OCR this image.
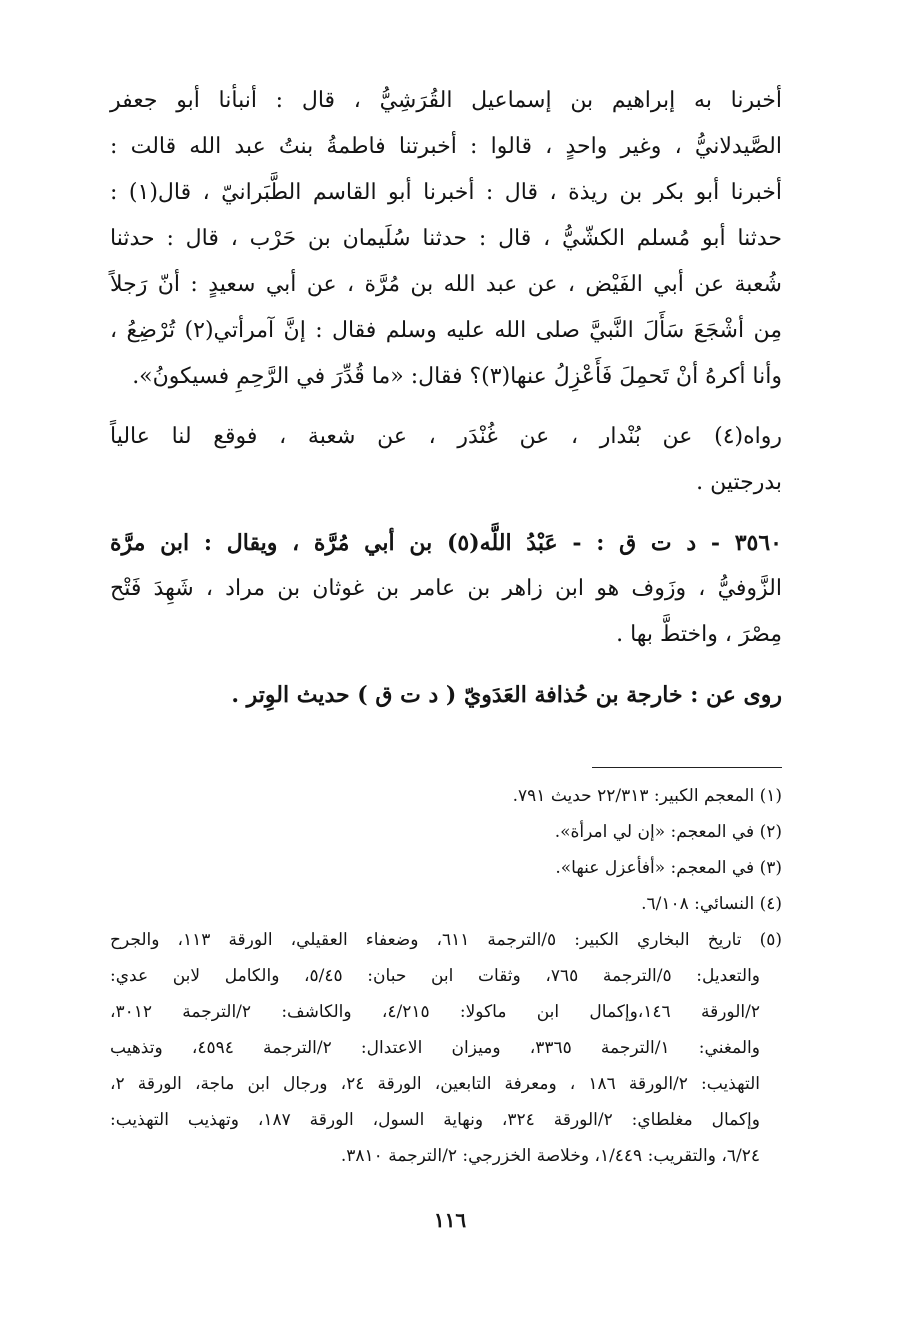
أخبرنا به إبراهيم بن إسماعيل القُرَشِيُّ ، قال : أنبأنا أبو جعفر
الصَّيدلانيُّ ، وغير واحدٍ ، قالوا : أخبرتنا فاطمةُ بنتُ عبد الله قالت :
أخبرنا أبو بكر بن ريذة ، قال : أخبرنا أبو القاسم الطَّبَرانيّ ، قال(١) :
حدثنا أبو مُسلم الكشّيُّ ، قال : حدثنا سُلَيمان بن حَرْب ، قال : حدثنا
شُعبة عن أبي الفَيْض ، عن عبد الله بن مُرَّة ، عن أبي سعيدٍ : أنّ رَجلاً
مِن أشْجَعَ سَأَلَ النَّبيَّ صلى الله عليه وسلم فقال : إنَّ آمرأتي(٢) تُرْضِعُ ،
وأنا أكرهُ أنْ تَحمِلَ فَأَعْزِلُ عنها(٣)؟ فقال: «ما قُدِّرَ في الرَّحِمِ فسيكونُ».
رواه(٤) عن بُنْدار ، عن غُنْدَر ، عن شعبة ، فوقع لنا عالياً
بدرجتين .
٣٥٦٠ - د ت ق : - عَبْدُ اللَّه(٥) بن أبي مُرَّة ، ويقال : ابن مرَّة
الزَّوفيُّ ، وزَوف هو ابن زاهر بن عامر بن غوثان بن مراد ، شَهِدَ فَتْح
مِصْرَ ، واختطَّ بها .
روى عن : خارجة بن حُذافة العَدَويّ ( د ت ق ) حديث الوِتر .
(١) المعجم الكبير: ٢٢/٣١٣ حديث ٧٩١.
(٢) في المعجم: «إن لي امرأة».
(٣) في المعجم: «أفأعزل عنها».
(٤) النسائي: ٦/١٠٨.
(٥) تاريخ البخاري الكبير: ٥/الترجمة ٦١١، وضعفاء العقيلي، الورقة ١١٣، والجرح
والتعديل: ٥/الترجمة ٧٦٥، وثقات ابن حبان: ٥/٤٥، والكامل لابن عدي:
٢/الورقة ١٤٦،وإكمال ابن ماكولا: ٤/٢١٥، والكاشف: ٢/الترجمة ٣٠١٢،
والمغني: ١/الترجمة ٣٣٦٥، وميزان الاعتدال: ٢/الترجمة ٤٥٩٤، وتذهيب
التهذيب: ٢/الورقة ١٨٦ ، ومعرفة التابعين، الورقة ٢٤، ورجال ابن ماجة، الورقة ٢،
وإكمال مغلطاي: ٢/الورقة ٣٢٤، ونهاية السول، الورقة ١٨٧، وتهذيب التهذيب:
٦/٢٤، والتقريب: ١/٤٤٩، وخلاصة الخزرجي: ٢/الترجمة ٣٨١٠.
١١٦
